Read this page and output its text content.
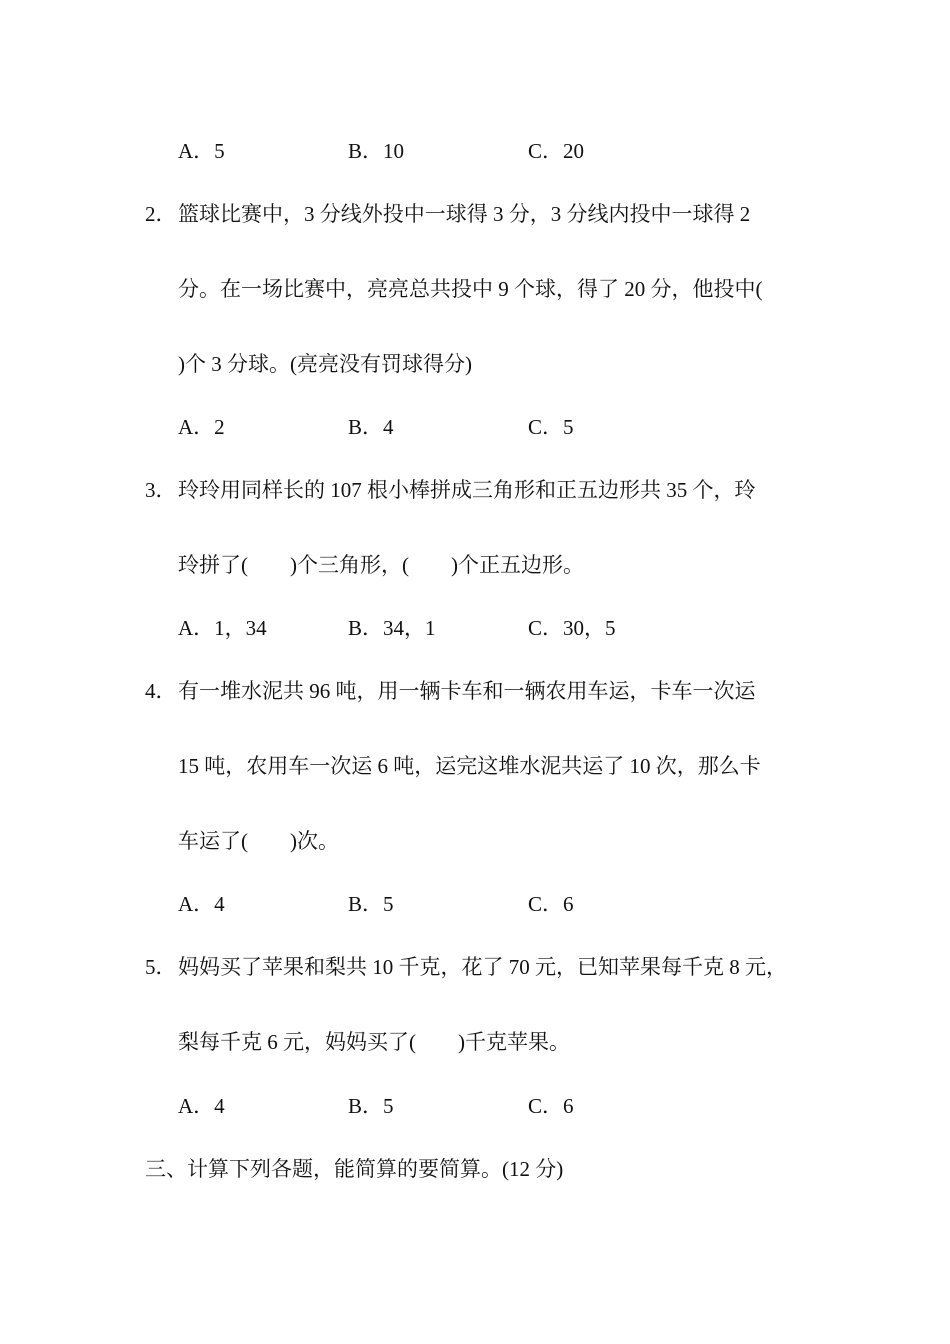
A．5	B．10	C．20
2． 篮球比赛中，3 分线外投中一球得 3 分，3 分线内投中一球得 2
分。在一场比赛中，亮亮总共投中 9 个球，得了 20 分，他投中(
)个 3 分球。(亮亮没有罚球得分)
A．2	B．4	C．5
3． 玲玲用同样长的 107 根小棒拼成三角形和正五边形共 35 个，玲
玲拼了(　　)个三角形，(　　)个正五边形。
A．1，34	B．34，1	C．30，5
4． 有一堆水泥共 96 吨，用一辆卡车和一辆农用车运，卡车一次运
15 吨，农用车一次运 6 吨，运完这堆水泥共运了 10 次，那么卡
车运了(　　)次。
A．4	B．5	C．6
5． 妈妈买了苹果和梨共 10 千克，花了 70 元，已知苹果每千克 8 元，
梨每千克 6 元，妈妈买了(　　)千克苹果。
A．4	B．5	C．6
三、计算下列各题，能简算的要简算。(12 分)
